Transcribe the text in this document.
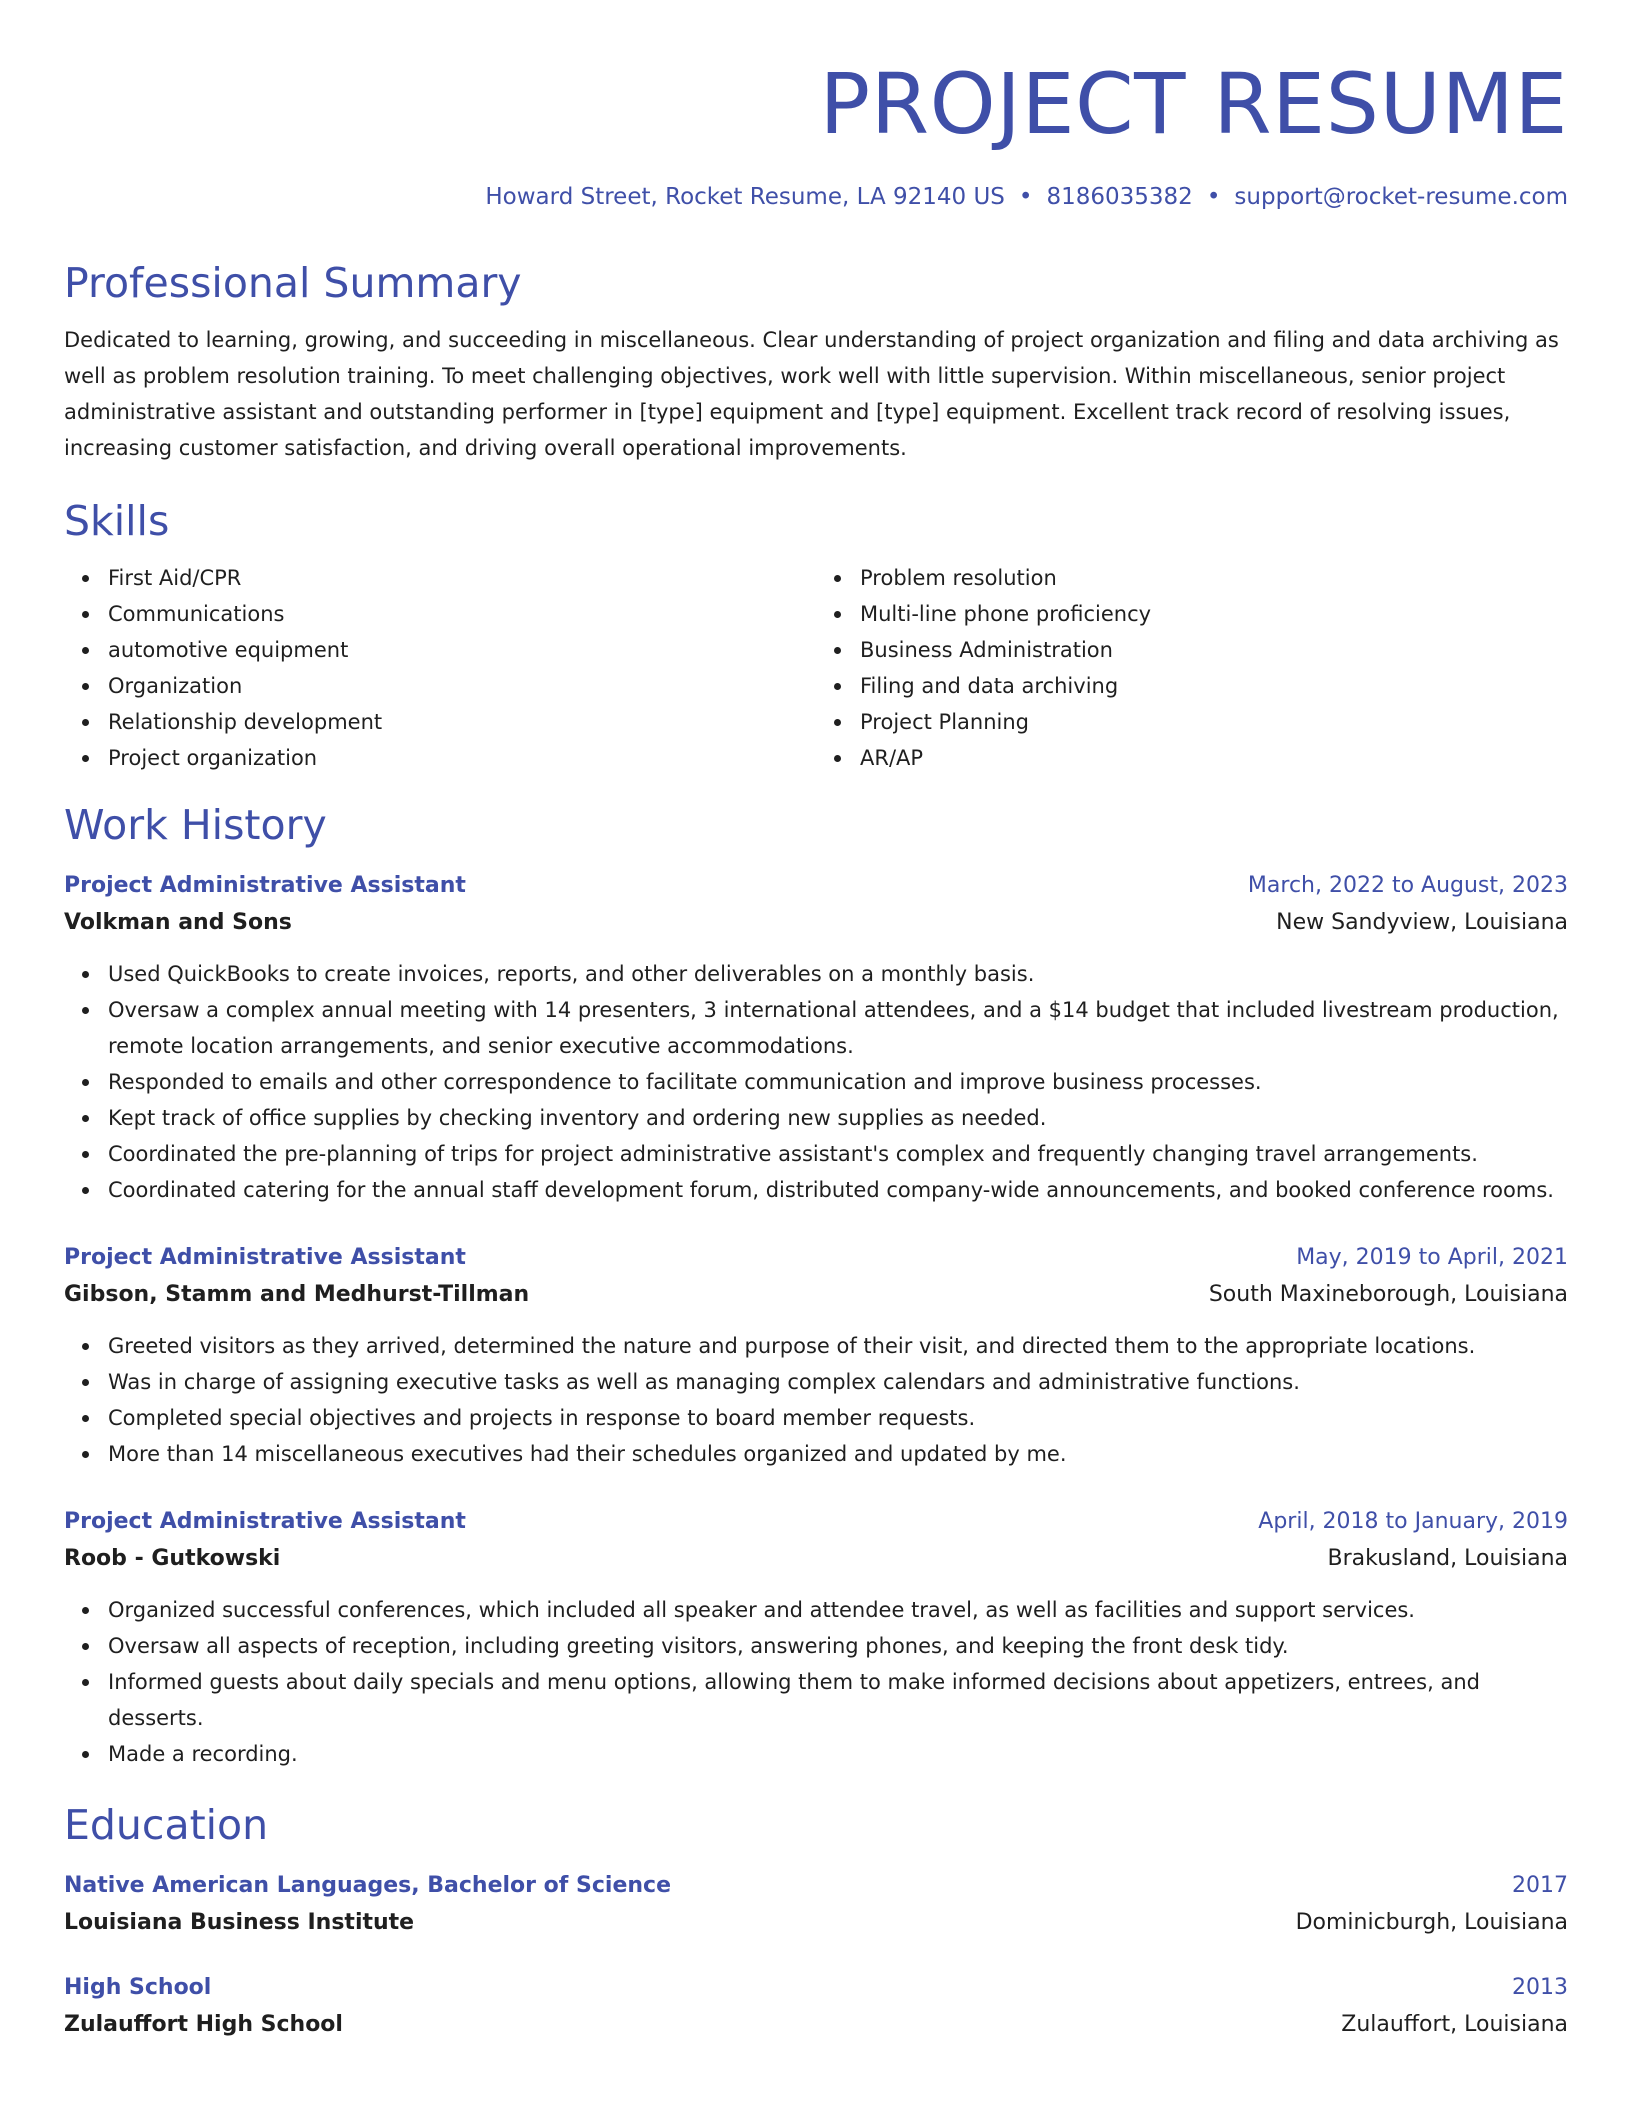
PROJECT RESUME
Howard Street, Rocket Resume, LA 92140 US • 8186035382 • support@rocket-resume.com
Professional Summary

Dedicated to learning, growing, and succeeding in miscellaneous. Clear understanding of project organization and filing and data archiving as well as problem resolution training. To meet challenging objectives, work well with little supervision. Within miscellaneous, senior project administrative assistant and outstanding performer in [type] equipment and [type] equipment. Excellent track record of resolving issues, increasing customer satisfaction, and driving overall operational improvements.

Skills
First Aid/CPR
Communications
automotive equipment
Organization
Relationship development
Project organization
Problem resolution
Multi-line phone proficiency
Business Administration
Filing and data archiving
Project Planning
AR/AP
Work History
Project Administrative Assistant	March, 2022 to August, 2023
Volkman and Sons	New Sandyview, Louisiana
Used QuickBooks to create invoices, reports, and other deliverables on a monthly basis.
Oversaw a complex annual meeting with 14 presenters, 3 international attendees, and a $14 budget that included livestream production, remote location arrangements, and senior executive accommodations.
Responded to emails and other correspondence to facilitate communication and improve business processes.
Kept track of office supplies by checking inventory and ordering new supplies as needed.
Coordinated the pre-planning of trips for project administrative assistant's complex and frequently changing travel arrangements.
Coordinated catering for the annual staff development forum, distributed company-wide announcements, and booked conference rooms.
Project Administrative Assistant	May, 2019 to April, 2021
Gibson, Stamm and Medhurst-Tillman	South Maxineborough, Louisiana
Greeted visitors as they arrived, determined the nature and purpose of their visit, and directed them to the appropriate locations.
Was in charge of assigning executive tasks as well as managing complex calendars and administrative functions.
Completed special objectives and projects in response to board member requests.
More than 14 miscellaneous executives had their schedules organized and updated by me.
Project Administrative Assistant	April, 2018 to January, 2019
Roob - Gutkowski	Brakusland, Louisiana
Organized successful conferences, which included all speaker and attendee travel, as well as facilities and support services.
Oversaw all aspects of reception, including greeting visitors, answering phones, and keeping the front desk tidy.
Informed guests about daily specials and menu options, allowing them to make informed decisions about appetizers, entrees, and desserts.
Made a recording.
Education
Native American Languages, Bachelor of Science	2017
Louisiana Business Institute	Dominicburgh, Louisiana
High School	2013
Zulauffort High School	Zulauffort, Louisiana
